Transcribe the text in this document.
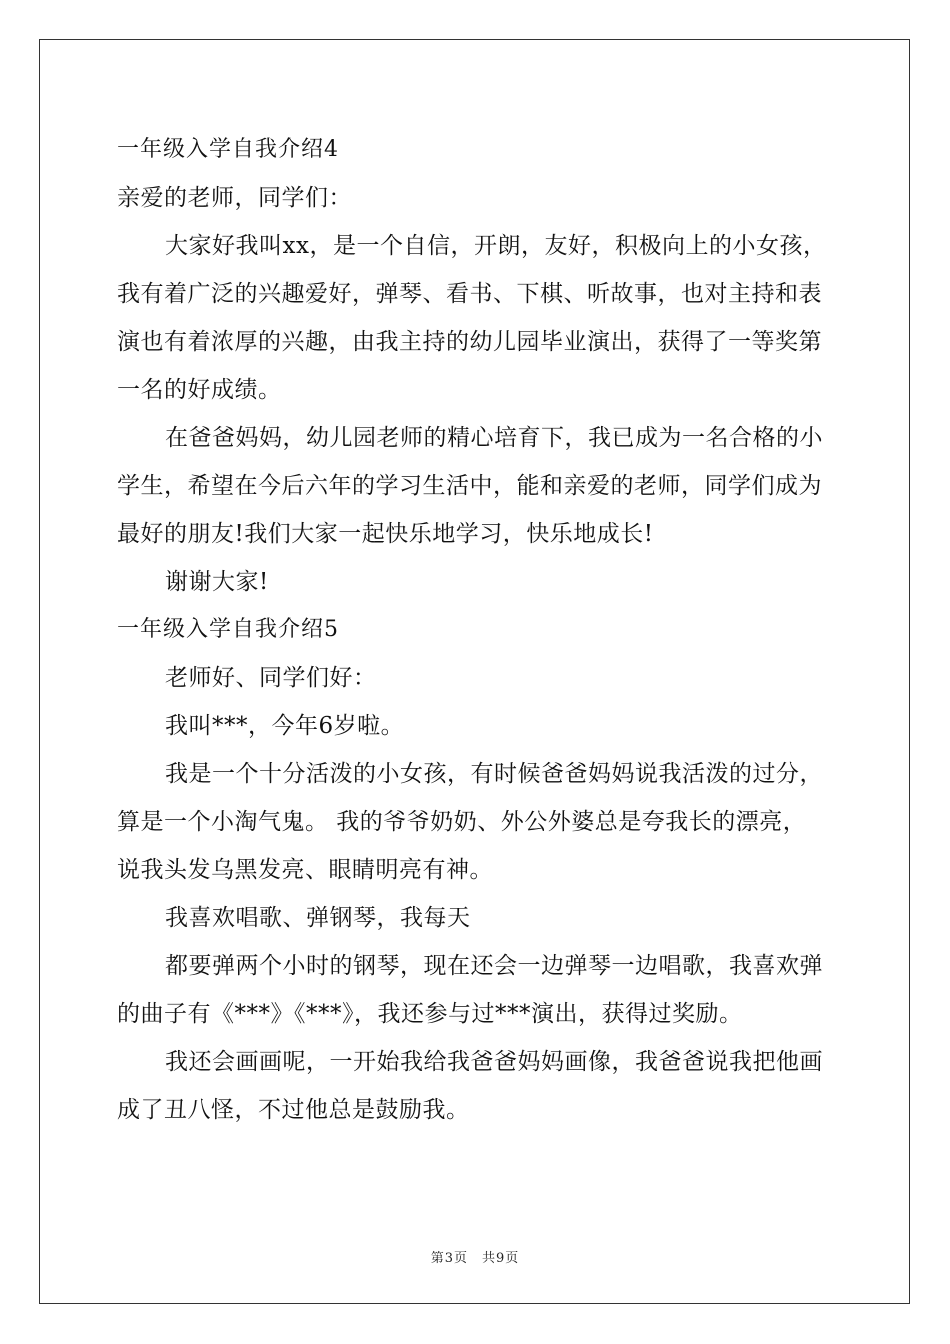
一年级入学自我介绍4
亲爱的老师，同学们：
大家好我叫xx，是一个自信，开朗，友好，积极向上的小女孩，
我有着广泛的兴趣爱好，弹琴、看书、下棋、听故事，也对主持和表
演也有着浓厚的兴趣，由我主持的幼儿园毕业演出，获得了一等奖第
一名的好成绩。
在爸爸妈妈，幼儿园老师的精心培育下，我已成为一名合格的小
学生，希望在今后六年的学习生活中，能和亲爱的老师，同学们成为
最好的朋友!我们大家一起快乐地学习，快乐地成长!
谢谢大家!
一年级入学自我介绍5
老师好、同学们好：
我叫***，今年6岁啦。
我是一个十分活泼的小女孩，有时候爸爸妈妈说我活泼的过分，
算是一个小淘气鬼。 我的爷爷奶奶、外公外婆总是夸我长的漂亮，
说我头发乌黑发亮、眼睛明亮有神。
我喜欢唱歌、弹钢琴，我每天
都要弹两个小时的钢琴，现在还会一边弹琴一边唱歌，我喜欢弹
的曲子有《***》《***》，我还参与过***演出，获得过奖励。
我还会画画呢，一开始我给我爸爸妈妈画像，我爸爸说我把他画
成了丑八怪，不过他总是鼓励我。
第3页 共9页
